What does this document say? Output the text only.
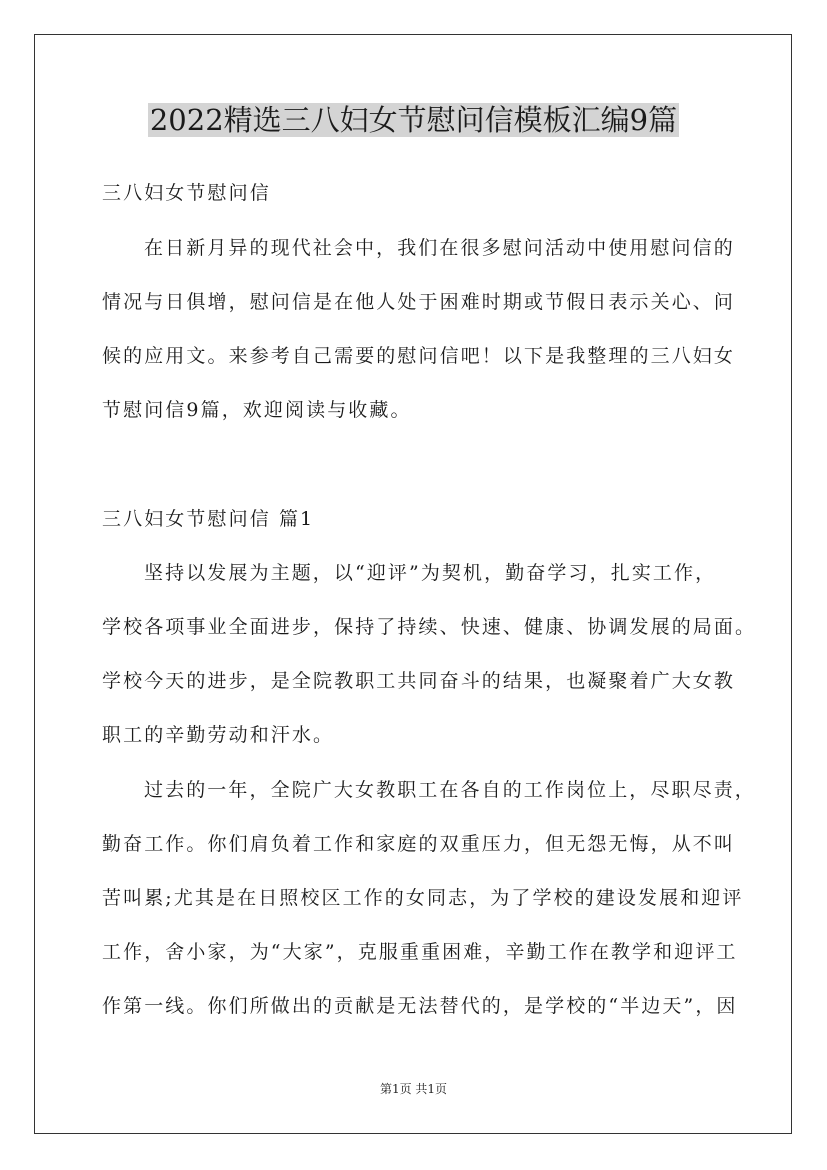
2022精选三八妇女节慰问信模板汇编9篇
三八妇女节慰问信
在日新月异的现代社会中，我们在很多慰问活动中使用慰问信的
情况与日俱增，慰问信是在他人处于困难时期或节假日表示关心、问
候的应用文。来参考自己需要的慰问信吧！以下是我整理的三八妇女
节慰问信9篇，欢迎阅读与收藏。
三八妇女节慰问信 篇1
坚持以发展为主题，以“迎评”为契机，勤奋学习，扎实工作，
学校各项事业全面进步，保持了持续、快速、健康、协调发展的局面。
学校今天的进步，是全院教职工共同奋斗的结果，也凝聚着广大女教
职工的辛勤劳动和汗水。
过去的一年，全院广大女教职工在各自的工作岗位上，尽职尽责，
勤奋工作。你们肩负着工作和家庭的双重压力，但无怨无悔，从不叫
苦叫累;尤其是在日照校区工作的女同志，为了学校的建设发展和迎评
工作，舍小家，为“大家”，克服重重困难，辛勤工作在教学和迎评工
作第一线。你们所做出的贡献是无法替代的，是学校的“半边天”，因
第1页 共1页
